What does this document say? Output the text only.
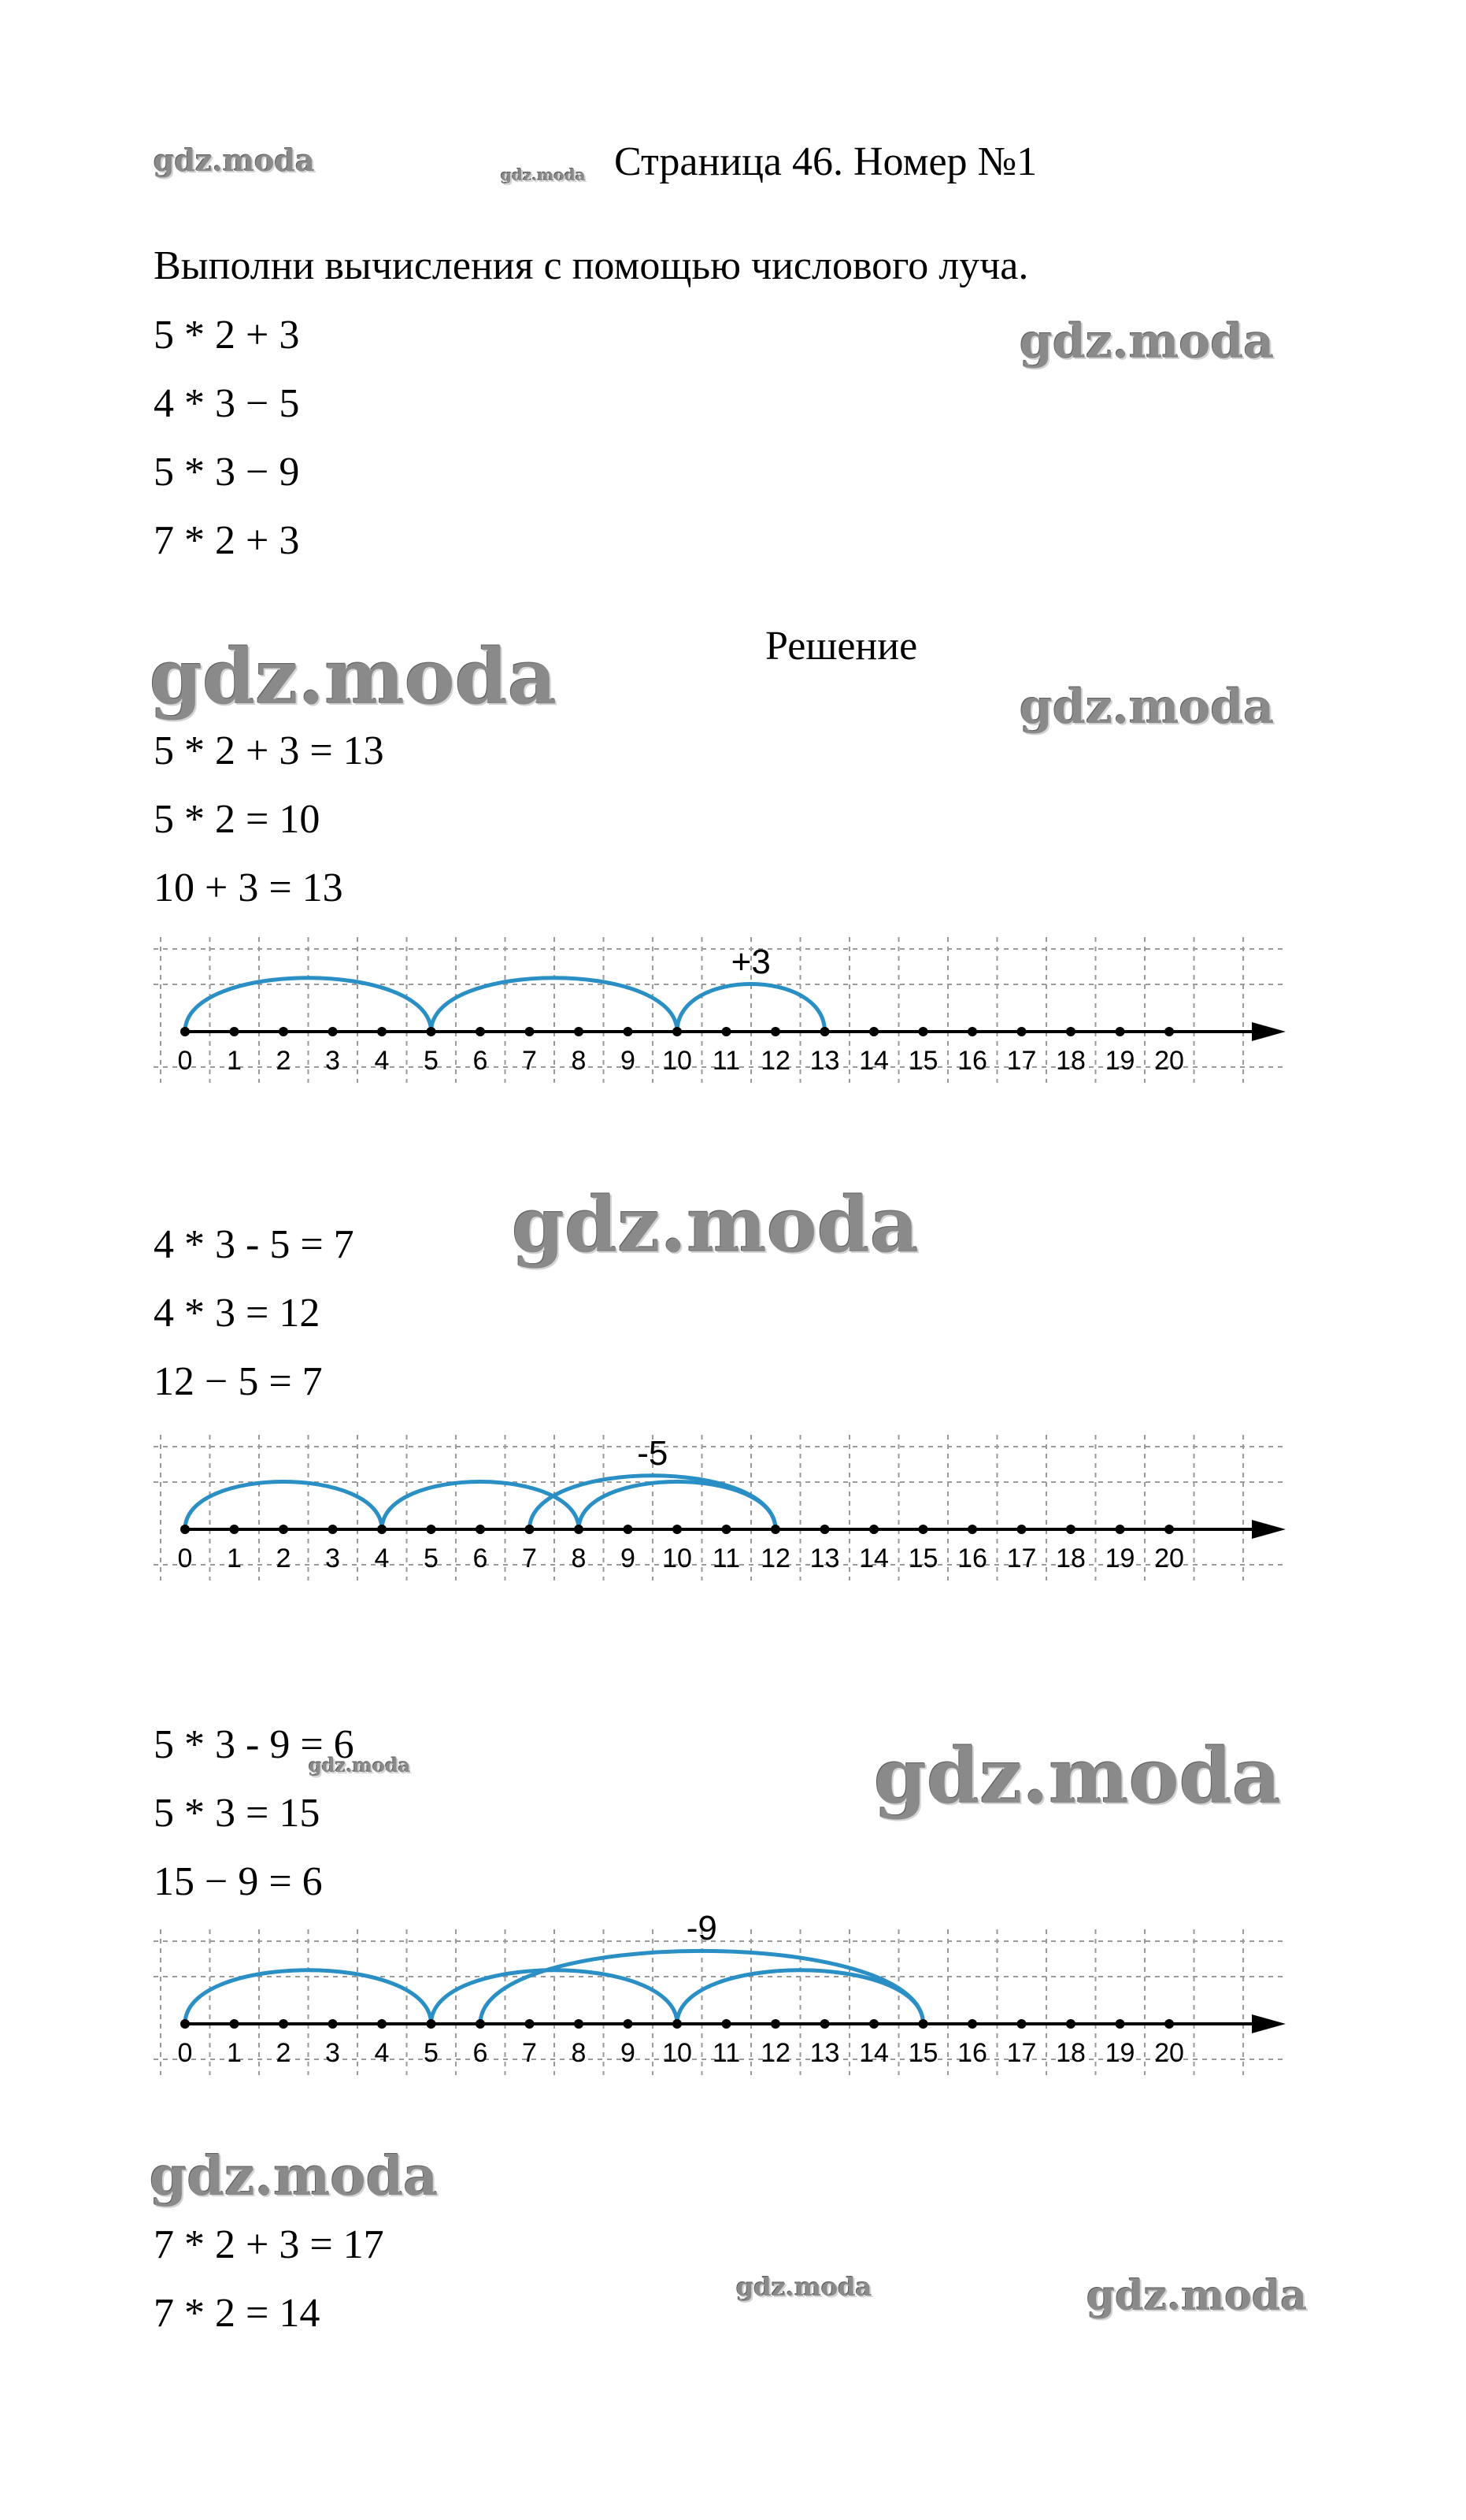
gdz.moda	gdz.moda Страница 46. Номер №1
Выполни вычисления с помощью числового луча.
5 * 2 + 3
4 * 3 − 5
5 * 3 − 9
7 * 2 + 3
gdz.moda
Решение
gdz.moda	gdz.moda
5 * 2 + 3 = 13
5 * 2 = 10
10 + 3 = 13
0 1 2 3 4 5 6 7 8 9 10 11 12 13 14 15 16 17 18 19 20
+3
gdz.moda
4 * 3 - 5 = 7
4 * 3 = 12
12 − 5 = 7
0 1 2 3 4 5 6 7 8 9 10 11 12 13 14 15 16 17 18 19 20
-5
5 * 3 - 9 = 6
gdz.moda	gdz.moda
5 * 3 = 15
15 − 9 = 6
0 1 2 3 4 5 6 7 8 9 10 11 12 13 14 15 16 17 18 19 20
-9
gdz.moda
7 * 2 + 3 = 17
gdz.moda	gdz.moda
7 * 2 = 14
